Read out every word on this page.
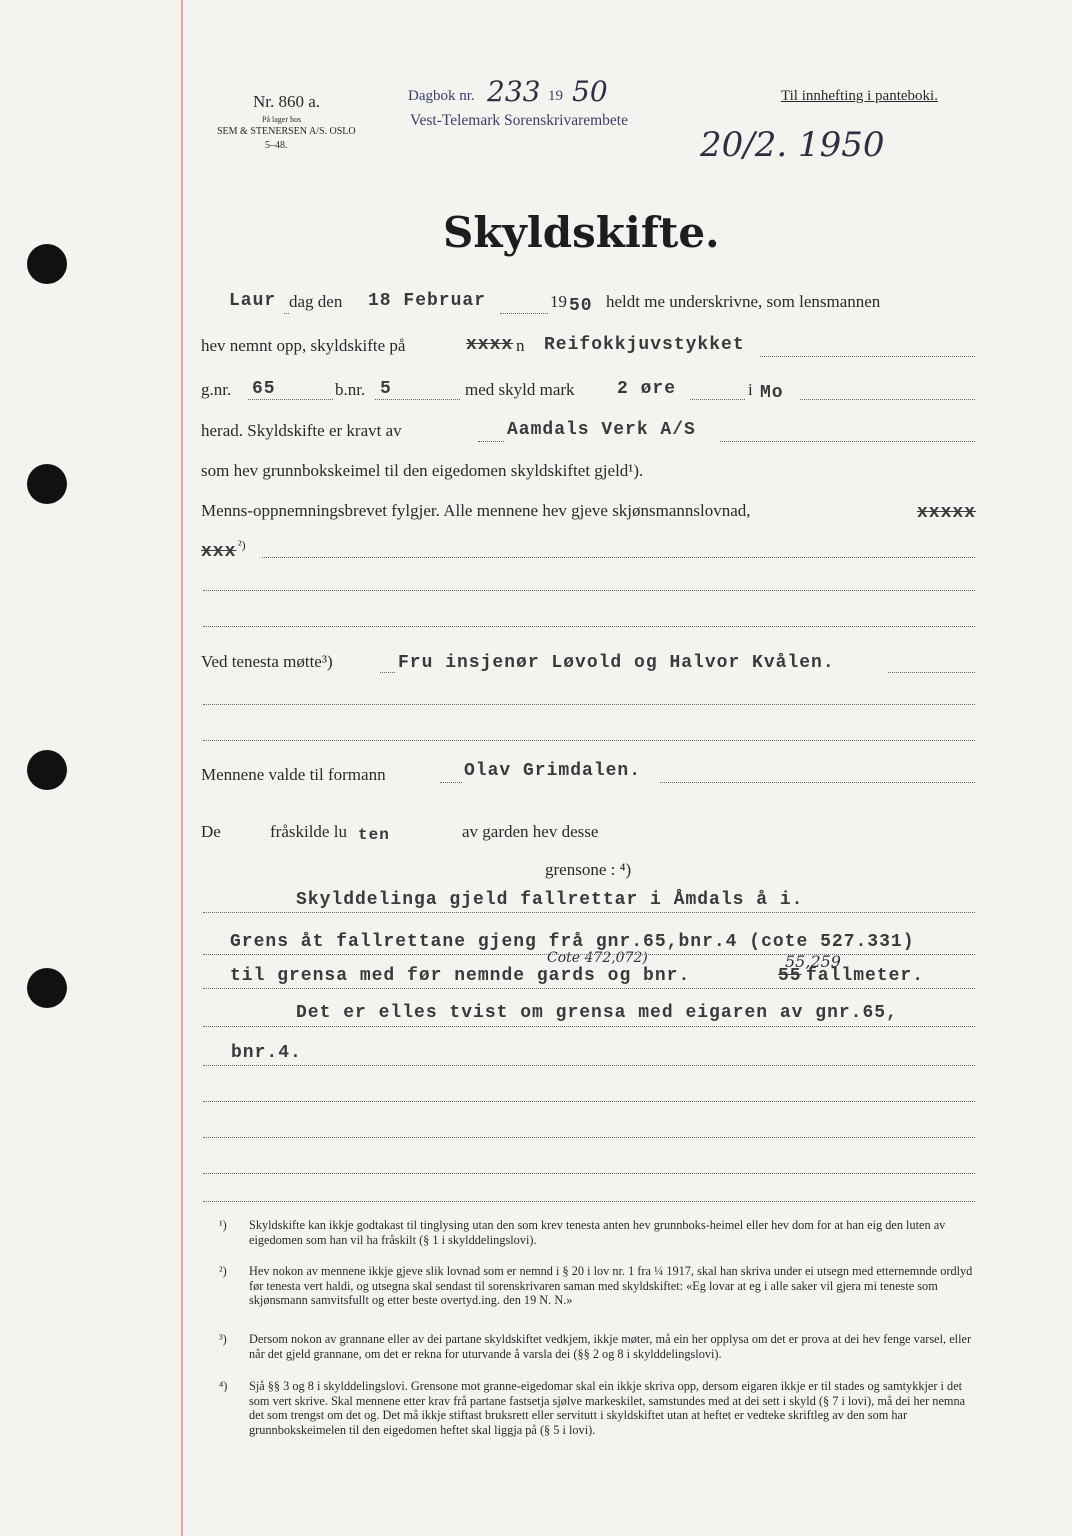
Nr. 860 a.
På lager hos
SEM & STENERSEN A/S. OSLO
5–48.
Dagbok nr. 233 19 50
Vest-Telemark Sorenskrivarembete
20/2. 1950
Til innhefting i panteboki.
Skyldskifte.
Laur dag den 18 Februar	19 50 heldt me underskrivne, som lensmannen
hev nemnt opp, skyldskifte på	xxxx n Reifokkjuvstykket
g.nr. 65	b.nr. 5	med skyld mark 2 øre	i Mo
herad. Skyldskifte er kravt av	Aamdals Verk A/S
som hev grunnbokskeimel til den eigedomen skyldskiftet gjeld¹).
Menns-oppnemningsbrevet fylgjer. Alle mennene hev gjeve skjønsmannslovnad,	xxxxx
xxx ²)
Ved tenesta møtte³)	Fru insjenør Løvold og Halvor Kvålen.
Mennene valde til formann	Olav Grimdalen.
De	fråskilde lu ten	av garden hev desse
grensone : ⁴)
Skylddelinga gjeld fallrettar i Åmdals å i.
Grens åt fallrettane gjeng frå gnr.65,bnr.4 (cote 527.331)
Cote 472,072)	55,259
til grensa med før nemnde gards og bnr.	55 fallmeter.
Det er elles tvist om grensa med eigaren av gnr.65,
bnr.4.
¹) Skyldskifte kan ikkje godtakast til tinglysing utan den som krev tenesta anten hev grunnboks-heimel eller hev dom for at han eig den luten av eigedomen som han vil ha fråskilt (§ 1 i skylddelingslovi).
²) Hev nokon av mennene ikkje gjeve slik lovnad som er nemnd i § 20 i lov nr. 1 fra ¼ 1917, skal han skriva under ei utsegn med etternemnde ordlyd før tenesta vert haldi, og utsegna skal sendast til sorenskrivaren saman med skyldskiftet: «Eg lovar at eg i alle saker vil gjera mi teneste som skjønsmann samvitsfullt og etter beste overtyd.ing. den 19 N. N.»
³) Dersom nokon av grannane eller av dei partane skyldskiftet vedkjem, ikkje møter, må ein her opplysa om det er prova at dei hev fenge varsel, eller når det gjeld grannane, om det er rekna for uturvande å varsla dei (§§ 2 og 8 i skylddelingslovi).
⁴) Sjå §§ 3 og 8 i skylddelingslovi. Grensone mot granne-eigedomar skal ein ikkje skriva opp, dersom eigaren ikkje er til stades og samtykkjer i det som vert skrive. Skal mennene etter krav frå partane fastsetja sjølve markeskilet, samstundes med at dei sett i skyld (§ 7 i lovi), må dei her nemna det som trengst om det og. Det må ikkje stiftast bruksrett eller servitutt i skyldskiftet utan at heftet er vedteke skriftleg av den som har grunnbokskeimelen til den eigedomen heftet skal liggja på (§ 5 i lovi).
